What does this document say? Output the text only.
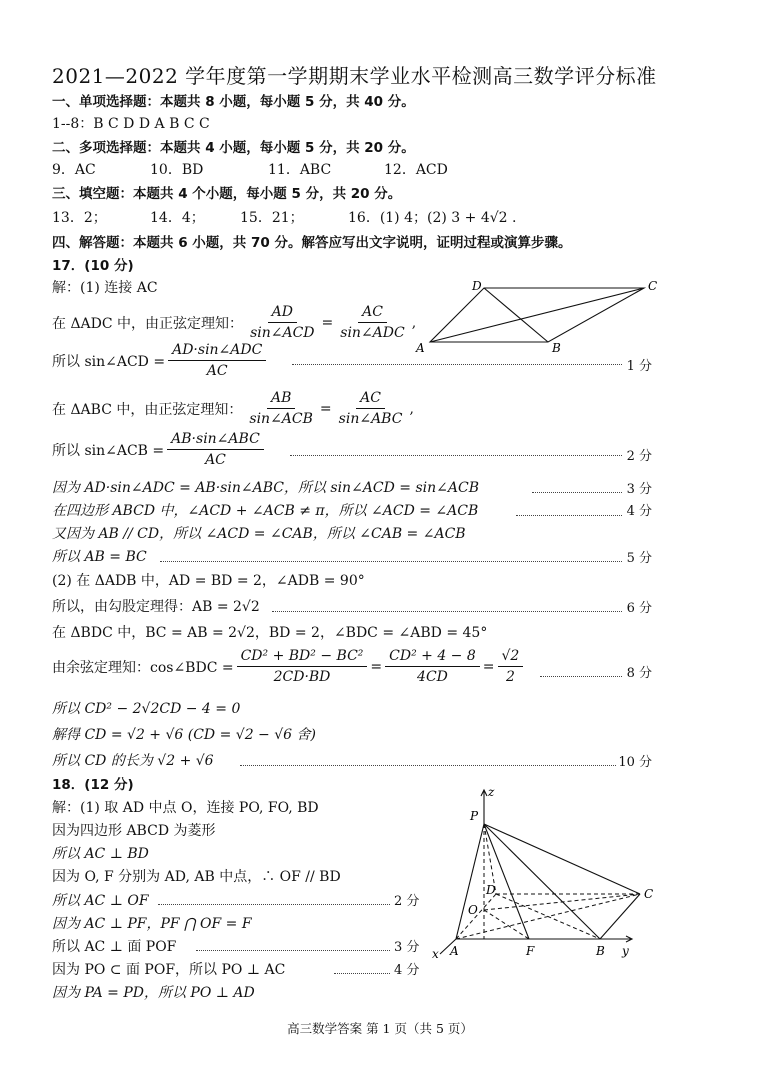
2021—2022 学年度第一学期期末学业水平检测高三数学评分标准
一、单项选择题：本题共 8 小题，每小题 5 分，共 40 分。
1--8：B C D D A B C C
二、多项选择题：本题共 4 小题，每小题 5 分，共 20 分。
9．AC	10．BD	11．ABC	12．ACD
三、填空题：本题共 4 个小题，每小题 5 分，共 20 分。
13．2；	14．4；	15．21；	16．(1) 4；(2) 3 + 4√2 .
四、解答题：本题共 6 小题，共 70 分。解答应写出文字说明，证明过程或演算步骤。
17．(10 分)
解：(1) 连接 AC
在 ΔADC 中，由正弦定理知： $\frac{AD}{\text{sin∠ACD}} = \frac{AC}{\text{sin∠ADC}}$ ,
所以 sin∠ACD = $\frac{\text{AD·sin∠ADC}}{AC}$	1 分
在 ΔABC 中，由正弦定理知： $\frac{AB}{\text{sin∠ACB}} = \frac{AC}{\text{sin∠ABC}}$ ,
所以 sin∠ACB = $\frac{\text{AB·sin∠ABC}}{AC}$	2 分
因为 AD·sin∠ADC = AB·sin∠ABC，所以 sin∠ACD = sin∠ACB	3 分
在四边形 ABCD 中，∠ACD + ∠ACB ≠ π，所以 ∠ACD = ∠ACB	4 分
又因为 AB // CD，所以 ∠ACD = ∠CAB，所以 ∠CAB = ∠ACB
所以 AB = BC	5 分
(2) 在 ΔADB 中，AD = BD = 2，∠ADB = 90°
所以，由勾股定理得：AB = 2√2	6 分
在 ΔBDC 中，BC = AB = 2√2，BD = 2，∠BDC = ∠ABD = 45°
由余弦定理知：cos∠BDC = $\frac{\text{CD² + BD² − BC²}}{2CD\cdot BD} = \frac{\text{CD² + 4 − 8}}{4CD} = \frac{√2}{2}$	8 分
所以 CD² − 2√2CD − 4 = 0
解得 CD = √2 + √6 (CD = √2 − √6 舍)
所以 CD 的长为 √2 + √6	10 分
A	B
C
D
18．(12 分)
解：(1) 取 AD 中点 O，连接 PO, FO, BD
因为四边形 ABCD 为菱形
所以 AC ⊥ BD
因为 O, F 分别为 AD, AB 中点，∴ OF // BD
所以 AC ⊥ OF	2 分
因为 AC ⊥ PF，PF ⋂ OF = F
所以 AC ⊥ 面 POF	3 分
因为 PO ⊂ 面 POF，所以 PO ⊥ AC	4 分
因为 PA = PD，所以 PO ⊥ AD
z
P
D	C
O
x A	F	B y
高三数学答案 第 1 页（共 5 页）
